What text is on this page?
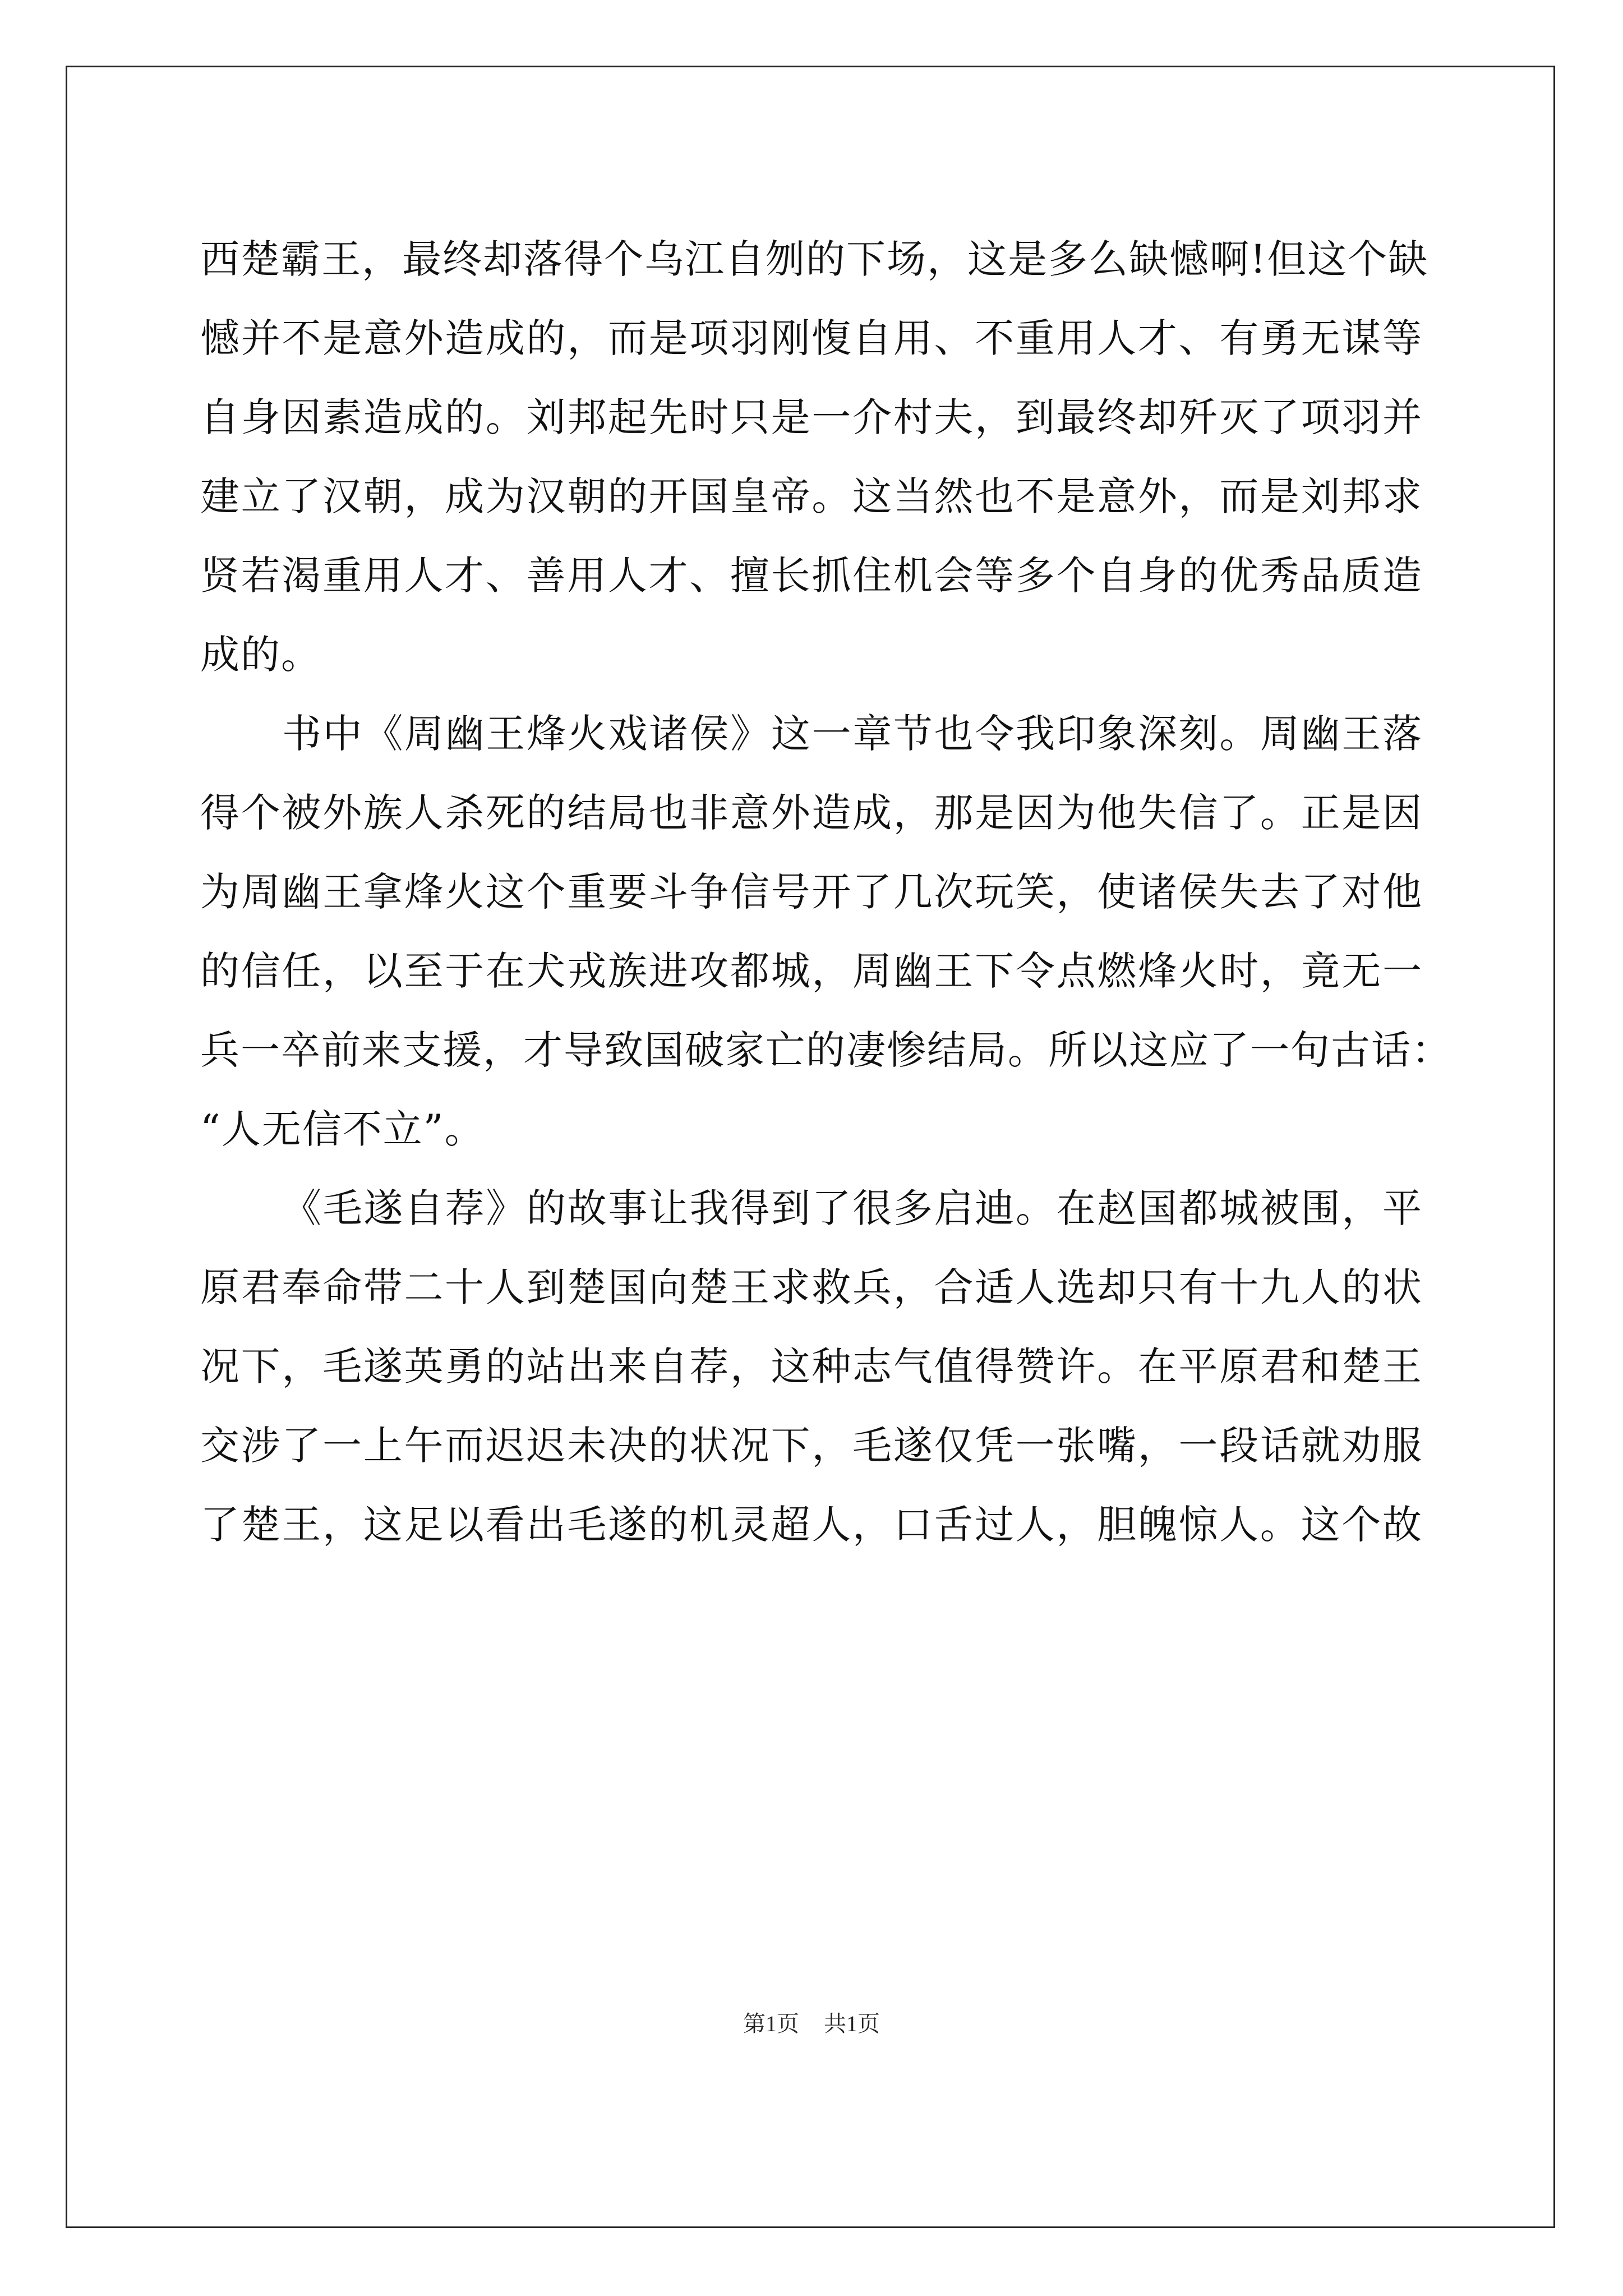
西楚霸王，最终却落得个乌江自刎的下场，这是多么缺憾啊!但这个缺
憾并不是意外造成的，而是项羽刚愎自用、不重用人才、有勇无谋等
自身因素造成的。刘邦起先时只是一介村夫，到最终却歼灭了项羽并
建立了汉朝，成为汉朝的开国皇帝。这当然也不是意外，而是刘邦求
贤若渴重用人才、善用人才、擅长抓住机会等多个自身的优秀品质造
成的。
书中《周幽王烽火戏诸侯》这一章节也令我印象深刻。周幽王落
得个被外族人杀死的结局也非意外造成，那是因为他失信了。正是因
为周幽王拿烽火这个重要斗争信号开了几次玩笑，使诸侯失去了对他
的信任，以至于在犬戎族进攻都城，周幽王下令点燃烽火时，竟无一
兵一卒前来支援，才导致国破家亡的凄惨结局。所以这应了一句古话：
“人无信不立”。
《毛遂自荐》的故事让我得到了很多启迪。在赵国都城被围，平
原君奉命带二十人到楚国向楚王求救兵，合适人选却只有十九人的状
况下，毛遂英勇的站出来自荐，这种志气值得赞许。在平原君和楚王
交涉了一上午而迟迟未决的状况下，毛遂仅凭一张嘴，一段话就劝服
了楚王，这足以看出毛遂的机灵超人，口舌过人，胆魄惊人。这个故
第1页 共1页
